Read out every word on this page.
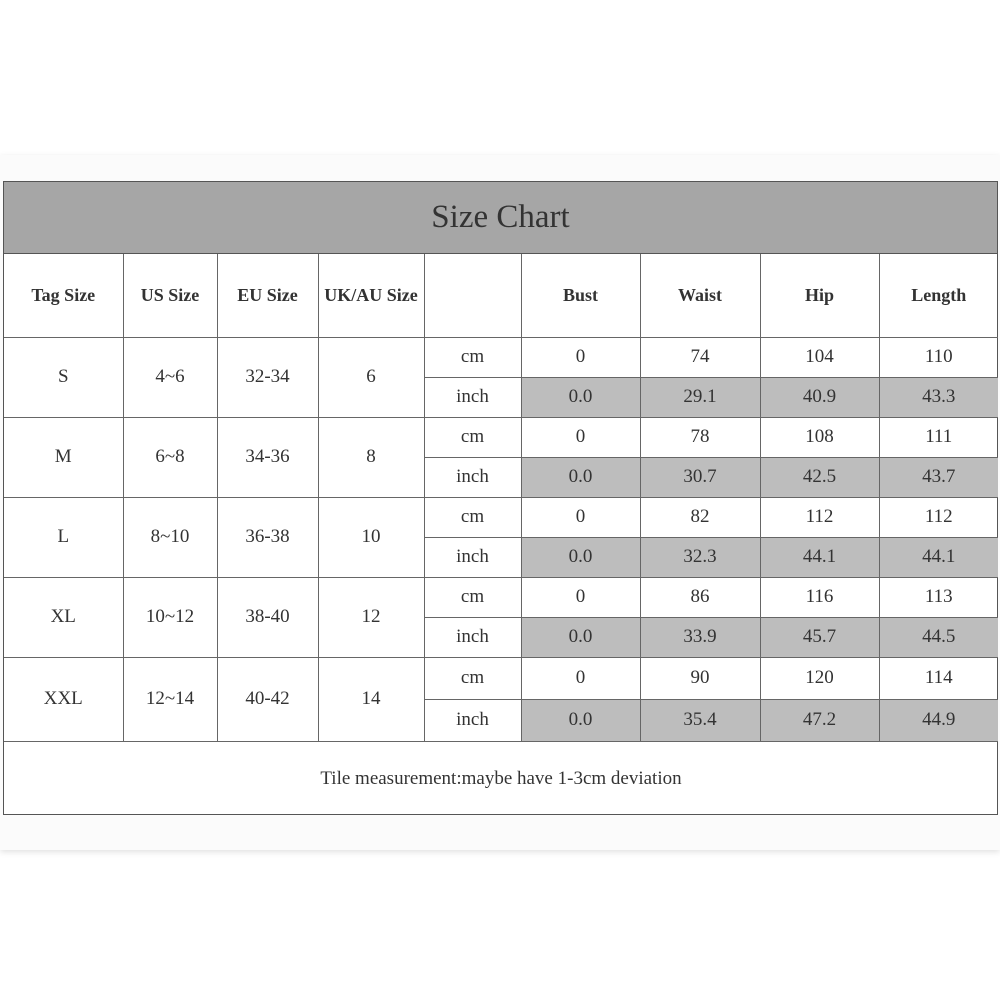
Size Chart
Tag Size	US Size	EU Size	UK/AU Size		Bust	Waist	Hip	Length
S	4~6	32-34	6	cm	0	74	104	110
				inch	0.0	29.1	40.9	43.3
M	6~8	34-36	8	cm	0	78	108	111
				inch	0.0	30.7	42.5	43.7
L	8~10	36-38	10	cm	0	82	112	112
				inch	0.0	32.3	44.1	44.1
XL	10~12	38-40	12	cm	0	86	116	113
				inch	0.0	33.9	45.7	44.5
XXL	12~14	40-42	14	cm	0	90	120	114
				inch	0.0	35.4	47.2	44.9
Tile measurement:maybe have 1-3cm deviation								
